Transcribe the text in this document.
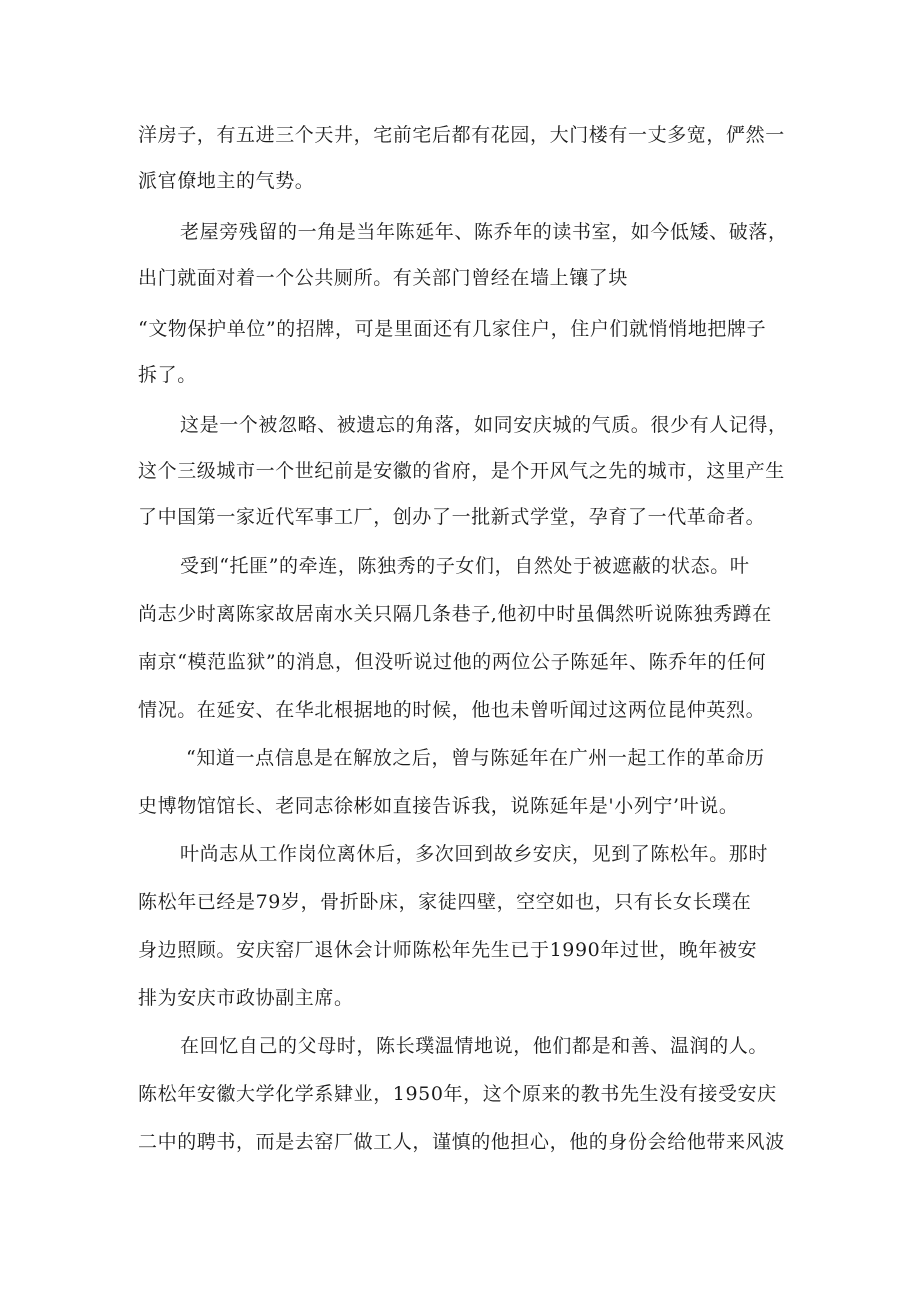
洋房子，有五进三个天井，宅前宅后都有花园，大门楼有一丈多宽，俨然一
派官僚地主的气势。
老屋旁残留的一角是当年陈延年、陈乔年的读书室，如今低矮、破落，
出门就面对着一个公共厕所。有关部门曾经在墙上镶了块
“文物保护单位”的招牌，可是里面还有几家住户，住户们就悄悄地把牌子
拆了。
这是一个被忽略、被遗忘的角落，如同安庆城的气质。很少有人记得，
这个三级城市一个世纪前是安徽的省府，是个开风气之先的城市，这里产生
了中国第一家近代军事工厂，创办了一批新式学堂，孕育了一代革命者。
受到“托匪”的牵连，陈独秀的子女们，自然处于被遮蔽的状态。叶
尚志少时离陈家故居南水关只隔几条巷子,他初中时虽偶然听说陈独秀蹲在
南京“模范监狱”的消息，但没听说过他的两位公子陈延年、陈乔年的任何
情况。在延安、在华北根据地的时候，他也未曾听闻过这两位昆仲英烈。
“知道一点信息是在解放之后，曾与陈延年在广州一起工作的革命历
史博物馆馆长、老同志徐彬如直接告诉我，说陈延年是'小列宁’叶说。
叶尚志从工作岗位离休后，多次回到故乡安庆，见到了陈松年。那时
陈松年已经是79岁，骨折卧床，家徒四壁，空空如也，只有长女长璞在
身边照顾。安庆窑厂退休会计师陈松年先生已于1990年过世，晚年被安
排为安庆市政协副主席。
在回忆自己的父母时，陈长璞温情地说，他们都是和善、温润的人。
陈松年安徽大学化学系肄业，1950年，这个原来的教书先生没有接受安庆
二中的聘书，而是去窑厂做工人，谨慎的他担心，他的身份会给他带来风波
